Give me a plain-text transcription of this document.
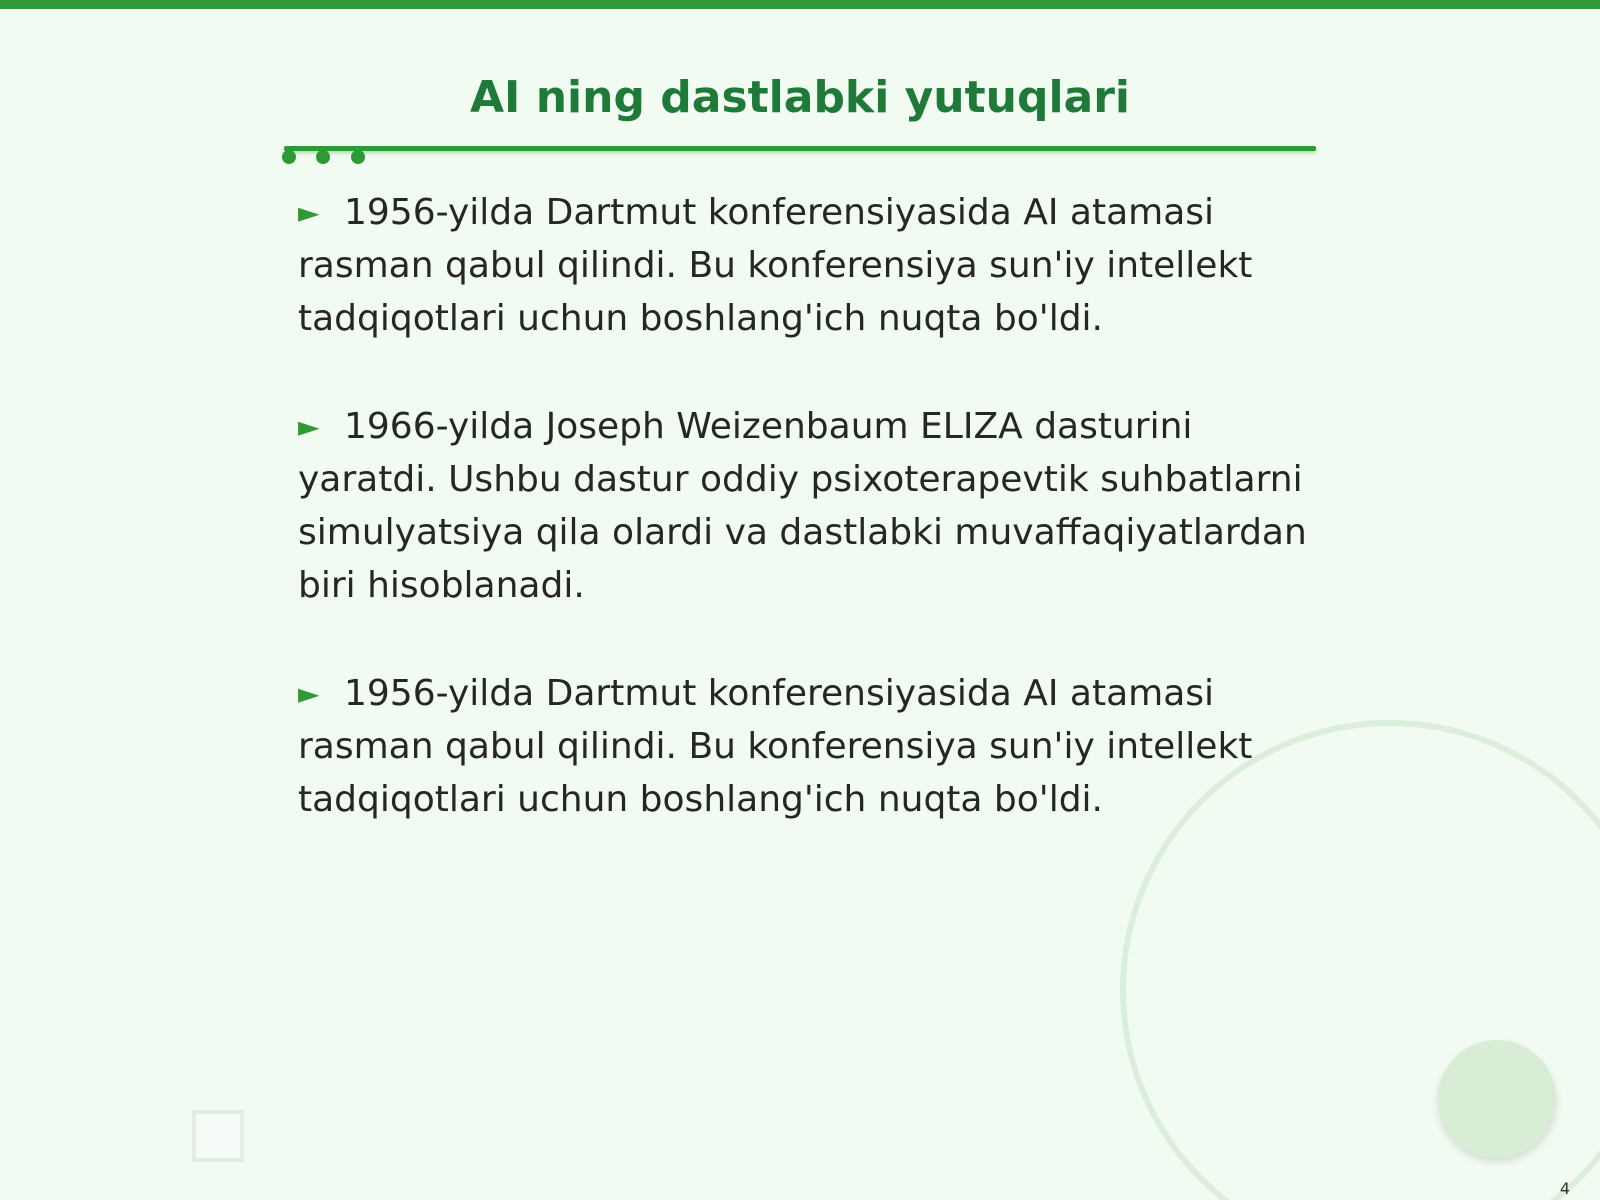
AI ning dastlabki yutuqlari

► 1956-yilda Dartmut konferensiyasida AI atamasi rasman qabul qilindi. Bu konferensiya sun'iy intellekt tadqiqotlari uchun boshlang'ich nuqta bo'ldi.

► 1966-yilda Joseph Weizenbaum ELIZA dasturini yaratdi. Ushbu dastur oddiy psixoterapevtik suhbatlarni simulyatsiya qila olardi va dastlabki muvaffaqiyatlardan biri hisoblanadi.

► 1956-yilda Dartmut konferensiyasida AI atamasi rasman qabul qilindi. Bu konferensiya sun'iy intellekt tadqiqotlari uchun boshlang'ich nuqta bo'ldi.

4
